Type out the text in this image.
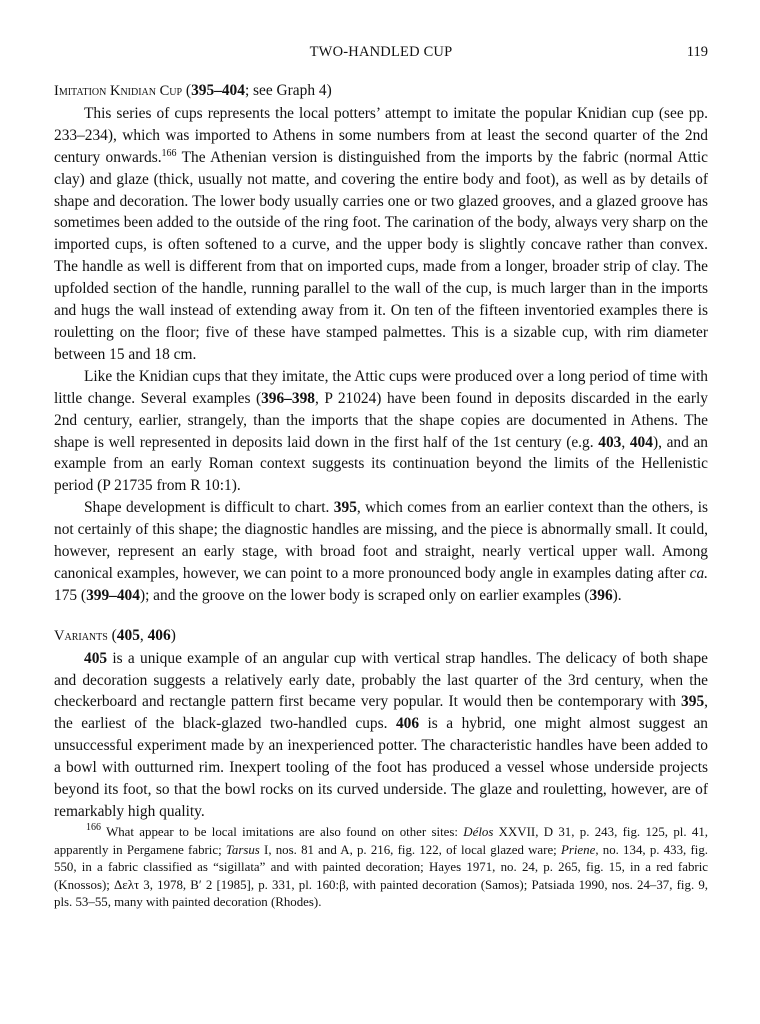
TWO-HANDLED CUP	119

Imitation Knidian Cup (395–404; see Graph 4)

This series of cups represents the local potters’ attempt to imitate the popular Knidian cup (see pp. 233–234), which was imported to Athens in some numbers from at least the second quarter of the 2nd century onwards.$^{166}$ The Athenian version is distinguished from the imports by the fabric (normal Attic clay) and glaze (thick, usually not matte, and covering the entire body and foot), as well as by details of shape and decoration. The lower body usually carries one or two glazed grooves, and a glazed groove has sometimes been added to the outside of the ring foot. The carination of the body, always very sharp on the imported cups, is often softened to a curve, and the upper body is slightly concave rather than convex. The handle as well is different from that on imported cups, made from a longer, broader strip of clay. The upfolded section of the handle, running parallel to the wall of the cup, is much larger than in the imports and hugs the wall instead of extending away from it. On ten of the fifteen inventoried examples there is rouletting on the floor; five of these have stamped palmettes. This is a sizable cup, with rim diameter between 15 and 18 cm.

Like the Knidian cups that they imitate, the Attic cups were produced over a long period of time with little change. Several examples (396–398, P 21024) have been found in deposits discarded in the early 2nd century, earlier, strangely, than the imports that the shape copies are documented in Athens. The shape is well represented in deposits laid down in the first half of the 1st century (e.g. 403, 404), and an example from an early Roman context suggests its continuation beyond the limits of the Hellenistic period (P 21735 from R 10:1).

Shape development is difficult to chart. 395, which comes from an earlier context than the others, is not certainly of this shape; the diagnostic handles are missing, and the piece is abnormally small. It could, however, represent an early stage, with broad foot and straight, nearly vertical upper wall. Among canonical examples, however, we can point to a more pronounced body angle in examples dating after ca. 175 (399–404); and the groove on the lower body is scraped only on earlier examples (396).

Variants (405, 406)

405 is a unique example of an angular cup with vertical strap handles. The delicacy of both shape and decoration suggests a relatively early date, probably the last quarter of the 3rd century, when the checkerboard and rectangle pattern first became very popular. It would then be contemporary with 395, the earliest of the black-glazed two-handled cups. 406 is a hybrid, one might almost suggest an unsuccessful experiment made by an inexperienced potter. The characteristic handles have been added to a bowl with outturned rim. Inexpert tooling of the foot has produced a vessel whose underside projects beyond its foot, so that the bowl rocks on its curved underside. The glaze and rouletting, however, are of remarkably high quality.

$^{166}$ What appear to be local imitations are also found on other sites: Délos XXVII, D 31, p. 243, fig. 125, pl. 41, apparently in Pergamene fabric; Tarsus I, nos. 81 and A, p. 216, fig. 122, of local glazed ware; Priene, no. 134, p. 433, fig. 550, in a fabric classified as “sigillata” and with painted decoration; Hayes 1971, no. 24, p. 265, fig. 15, in a red fabric (Knossos); Δελτ 3, 1978, B′ 2 [1985], p. 331, pl. 160:β, with painted decoration (Samos); Patsiada 1990, nos. 24–37, fig. 9, pls. 53–55, many with painted decoration (Rhodes).
